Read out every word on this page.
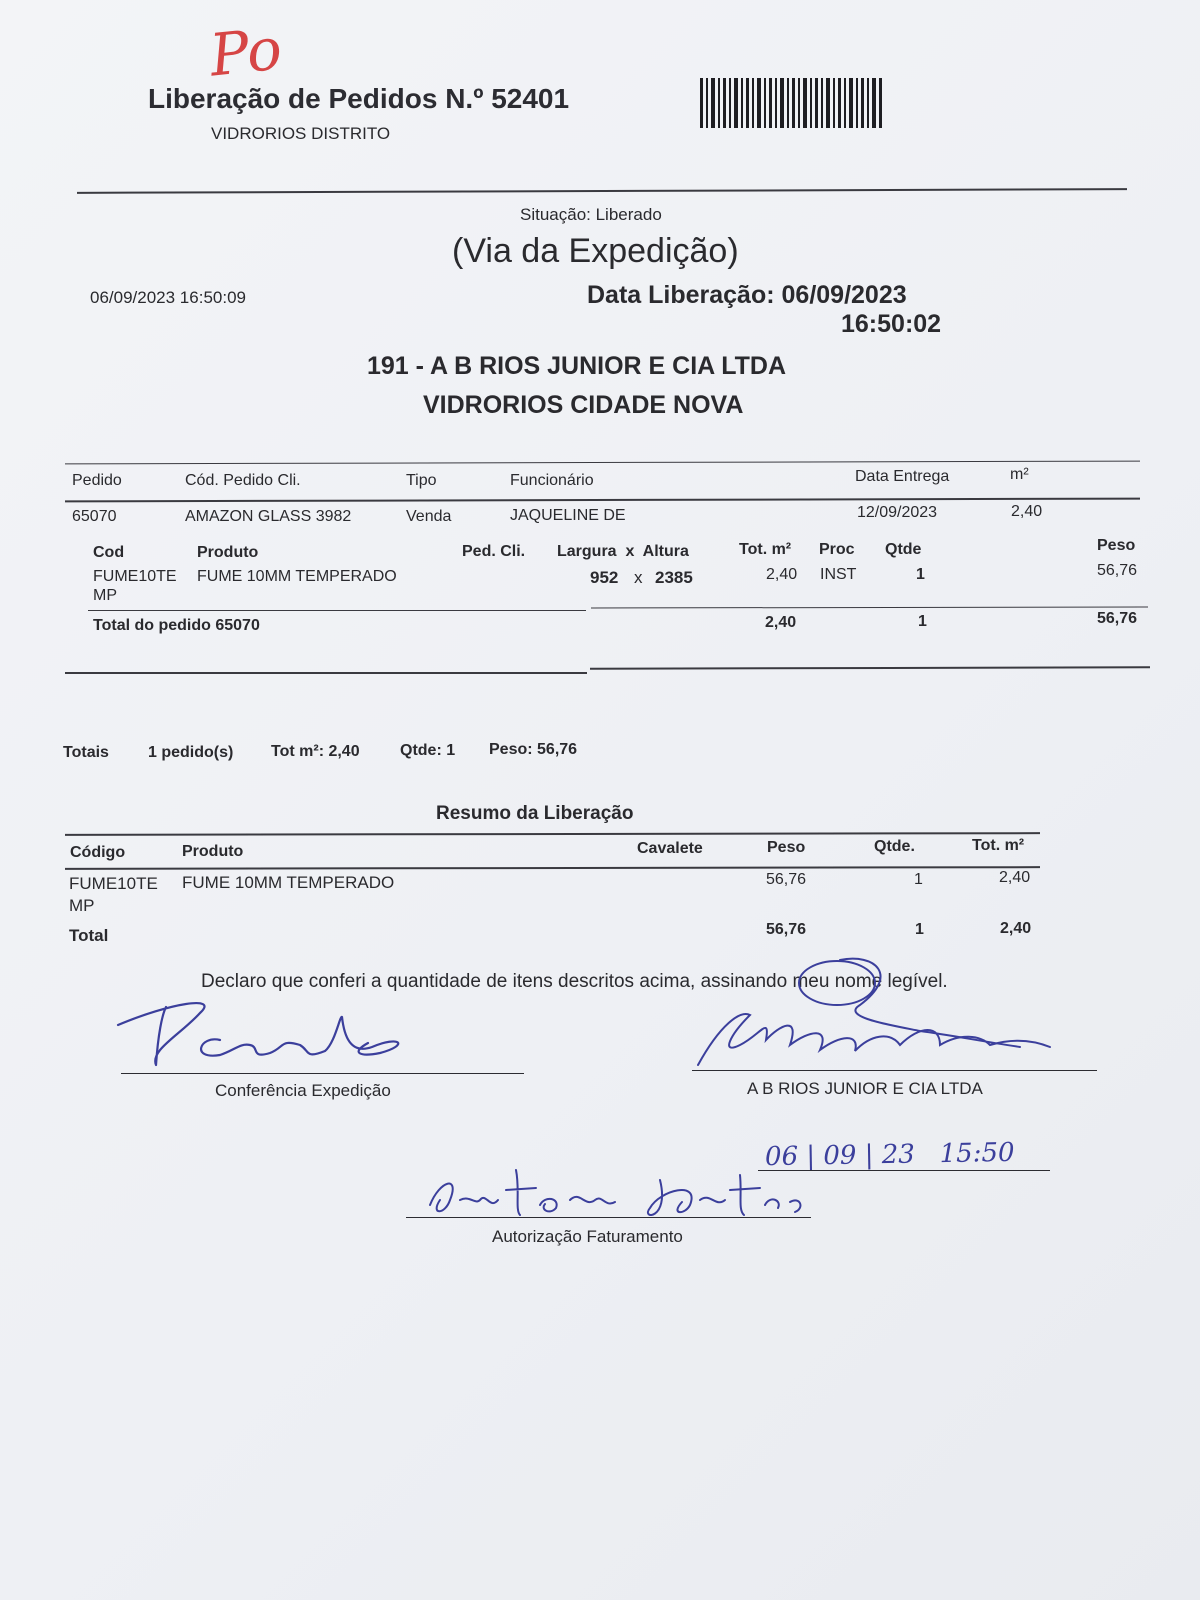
Po
Liberação de Pedidos N.º 52401
VIDRORIOS DISTRITO
Situação: Liberado
(Via da Expedição)
06/09/2023 16:50:09	Data Liberação: 06/09/2023
16:50:02
191 - A B RIOS JUNIOR E CIA LTDA
VIDRORIOS CIDADE NOVA
Pedido	Cód. Pedido Cli.	Tipo	Funcionário	Data Entrega	m²
65070	AMAZON GLASS 3982	Venda	JAQUELINE DE	12/09/2023	2,40
Cod	Produto	Ped. Cli. Largura  x  Altura	Tot. m² Proc Qtde	Peso
FUME10TE
MP
FUME 10MM TEMPERADO	952 x 2385	2,40 INST	1	56,76
Total do pedido 65070	2,40	1	56,76
Totais 1 pedido(s) Tot m²: 2,40	Qtde: 1 Peso: 56,76
Resumo da Liberação
Código	Produto	Cavalete	Peso	Qtde.	Tot. m²
FUME10TE
MP
FUME 10MM TEMPERADO	56,76	1	2,40
Total	56,76	1	2,40
Declaro que conferi a quantidade de itens descritos acima, assinando meu nome legível.
Conferência Expedição	A B RIOS JUNIOR E CIA LTDA
06 | 09 | 23   15:50
Autorização Faturamento
